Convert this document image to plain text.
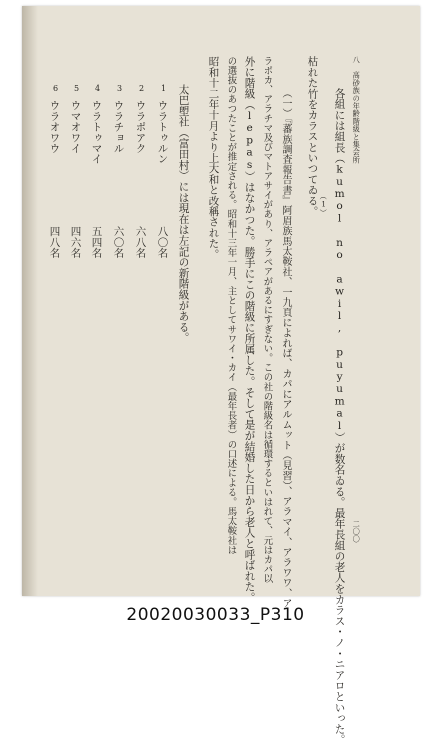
八　高砂族の年齢階級と集会所
二〇〇
各組には組長（kumol no awil, puyumal）が数名ゐる。最年長組の老人をカラス・ノ・ニアロといった。
（1）
枯れた竹をカラスといつてゐる。
（一）『蕃族調査報告書』阿眉族馬太鞍社、一九頁によれば、カパにアルムット（見習）、アラマイ、アラワワ、ア
ラポカ、アラチマ及びマトアサイがあり、アラペアがあるにすぎない。この社の階級名は循環するといはれて、元はカパ以
外に階級（lepas）はなかつた。勝手にこの階級に所属した。そして是が結婚した日から老人と呼ばれた。
の選抜のあつたことが推定される。昭和十三年一月、主としてサワイ・カイ（最年長者）の口述による。馬太鞍社は
昭和十二年十月より上大和と改稱された。
太巴塱社（富田村）には現在は左記の新階級がある。
1
ウラトゥルン
八〇名
2
ウラポアク
六八名
3
ウラチョル
六〇名
4
ウラトゥマイ
五四名
5
ウマオワイ
四六名
6
ウラオワウ
四八名
20020030033_P310
